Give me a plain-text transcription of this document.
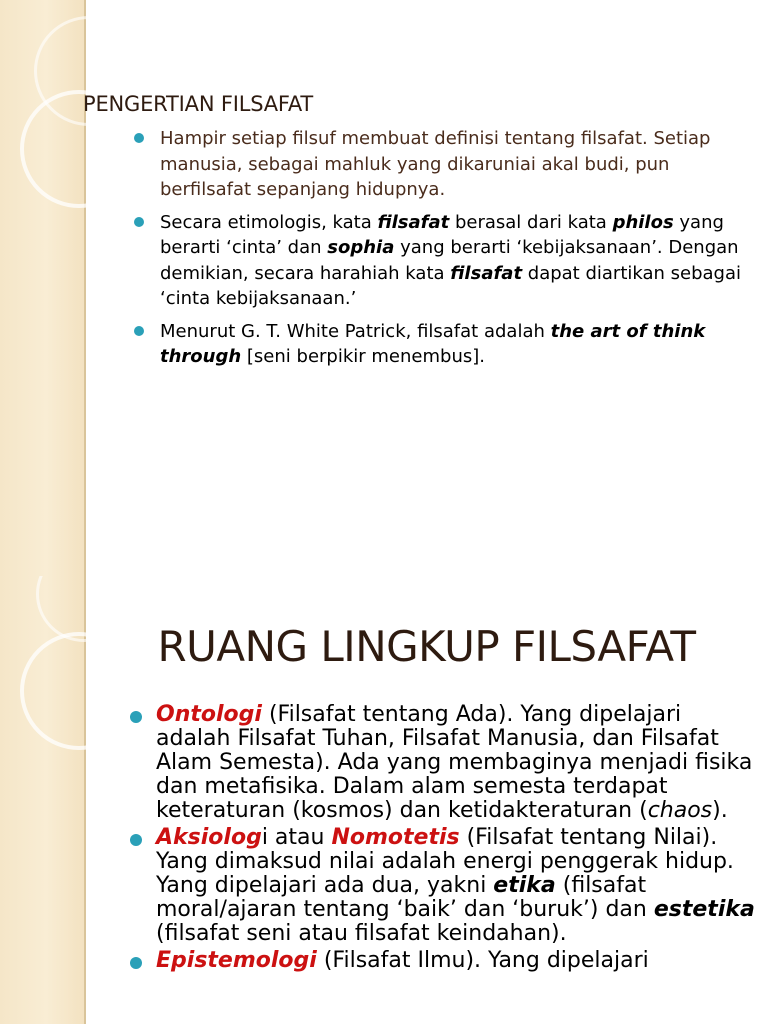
PENGERTIAN FILSAFAT
Hampir setiap filsuf membuat definisi tentang filsafat. Setiap manusia, sebagai mahluk yang dikaruniai akal budi, pun berfilsafat sepanjang hidupnya.
Secara etimologis, kata filsafat berasal dari kata philos yang berarti ‘cinta’ dan sophia yang berarti ‘kebijaksanaan’. Dengan demikian, secara harahiah kata filsafat dapat diartikan sebagai ‘cinta kebijaksanaan.’
Menurut G. T. White Patrick, filsafat adalah the art of think through [seni berpikir menembus].
RUANG LINGKUP FILSAFAT
Ontologi (Filsafat tentang Ada). Yang dipelajari adalah Filsafat Tuhan, Filsafat Manusia, dan Filsafat Alam Semesta). Ada yang membaginya menjadi fisika dan metafisika. Dalam alam semesta terdapat keteraturan (kosmos) dan ketidakteraturan (chaos).
Aksiologi atau Nomotetis (Filsafat tentang Nilai). Yang dimaksud nilai adalah energi penggerak hidup. Yang dipelajari ada dua, yakni etika (filsafat moral/ajaran tentang ‘baik’ dan ‘buruk’) dan estetika (filsafat seni atau filsafat keindahan).
Epistemologi (Filsafat Ilmu). Yang dipelajari
